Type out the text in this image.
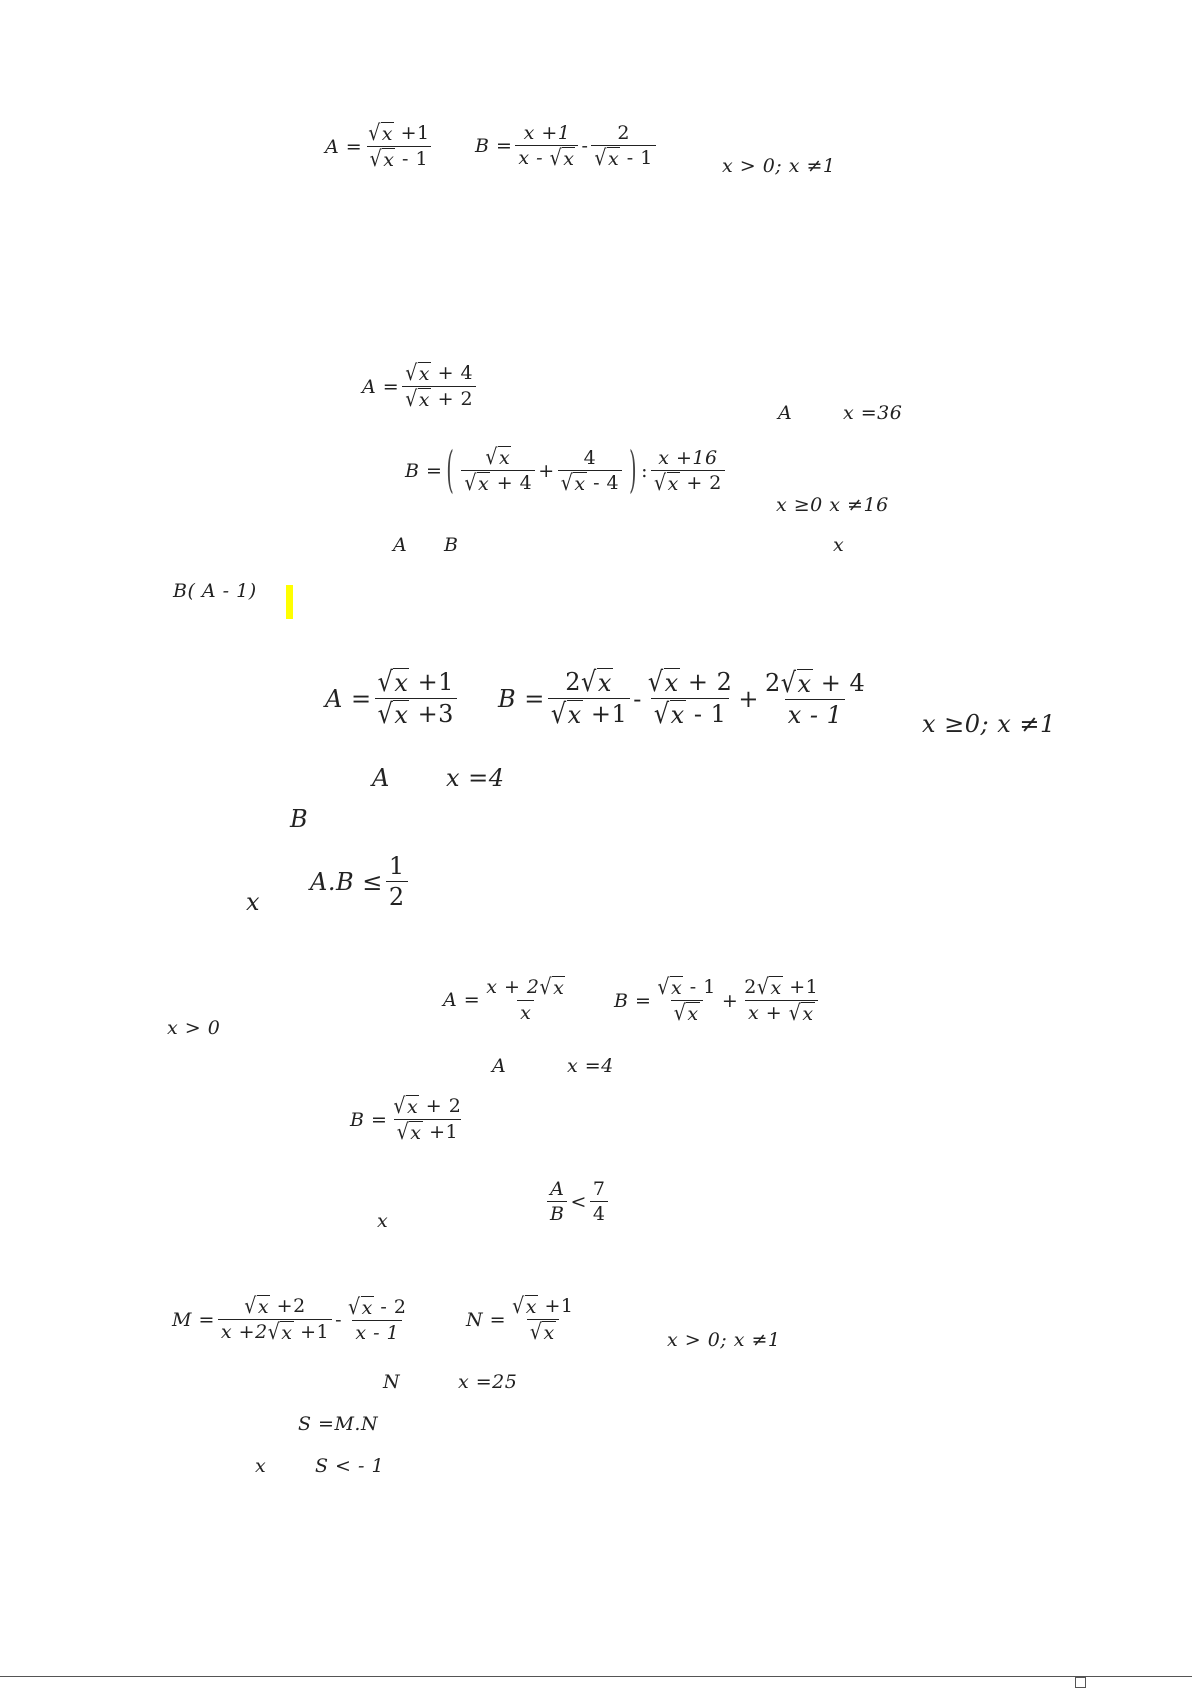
$A = \frac{√ x +1}{√ x - 1}$ $B = \frac{x +1}{x - √ x} - \frac{2}{√ x - 1}$	x > 0; x ≠1
$A = \frac{√ x + 4}{√ x + 2}$
A	x =36
B = ( $\frac{√ x}{√ x + 4} + \frac{4}{√ x - 4}$ ) : $\frac{x +16}{√ x + 2}$
x ≥0 x ≠16
A B	x
B( A - 1)
$A = \frac{√ x +1}{√ x +3}$ $B = \frac{2 √ x}{√ x +1} - \frac{√ x + 2}{√ x - 1} + \frac{2 √ x + 4}{x - 1}$ x ≥0; x ≠1
A x =4
B
x
$A.B \le \frac{1}{2}$
x > 0
$A = \frac{x + 2 √ x}{x}$ $B = \frac{√ x - 1}{√ x} + \frac{2 √ x +1}{x + √ x}$
A	x =4
$B = \frac{√ x + 2}{√ x +1}$
x	$\frac{A}{B} < \frac{7}{4}$
$M = \frac{√ x +2}{x +2 √ x +1} - \frac{√ x - 2}{x - 1}$	$N = \frac{√ x +1}{√ x}$	x > 0; x ≠1
N	x =25
S =M.N
x	S < - 1
